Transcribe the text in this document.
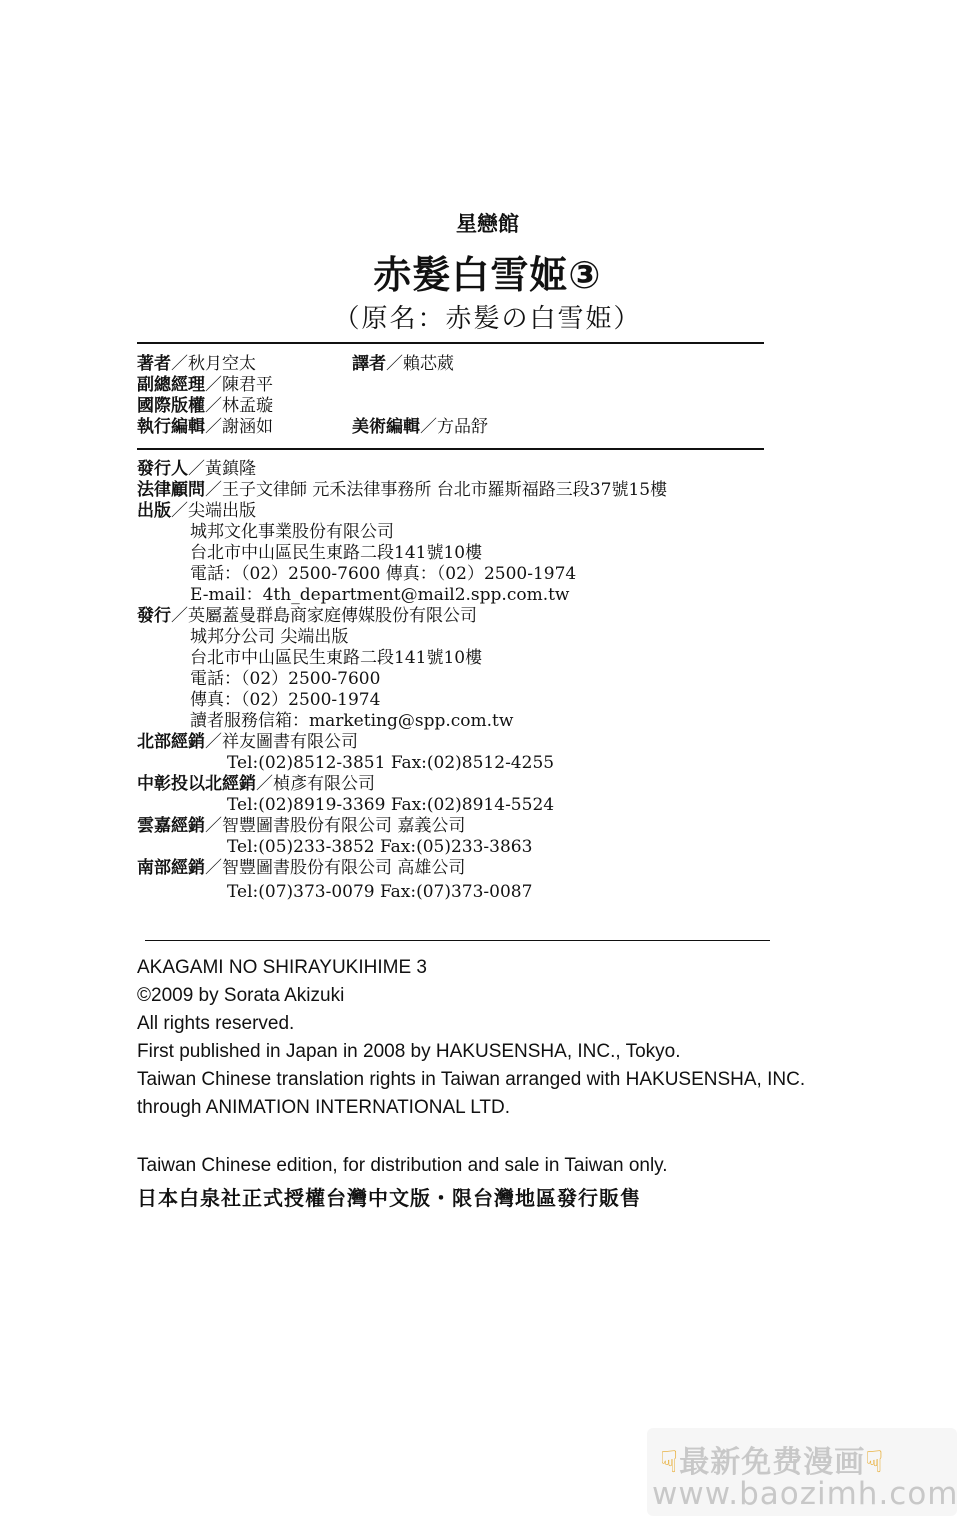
星戀館
赤髮白雪姬③
（原名：赤髪の白雪姫）
著者／秋月空太	譯者／賴芯葳
副總經理／陳君平
國際版權／林孟璇
執行編輯／謝涵如	美術編輯／方品舒
發行人／黃鎮隆
法律顧問／王子文律師 元禾法律事務所 台北市羅斯福路三段37號15樓
出版／尖端出版
城邦文化事業股份有限公司
台北市中山區民生東路二段141號10樓
電話：（02）2500-7600 傳真：（02）2500-1974
E-mail：4th_department@mail2.spp.com.tw
發行／英屬蓋曼群島商家庭傳媒股份有限公司
城邦分公司 尖端出版
台北市中山區民生東路二段141號10樓
電話：（02）2500-7600
傳真：（02）2500-1974
讀者服務信箱：marketing@spp.com.tw
北部經銷／祥友圖書有限公司
Tel:(02)8512-3851 Fax:(02)8512-4255
中彰投以北經銷／楨彥有限公司
Tel:(02)8919-3369 Fax:(02)8914-5524
雲嘉經銷／智豐圖書股份有限公司 嘉義公司
Tel:(05)233-3852 Fax:(05)233-3863
南部經銷／智豐圖書股份有限公司 高雄公司
Tel:(07)373-0079 Fax:(07)373-0087
AKAGAMI NO SHIRAYUKIHIME 3
©2009 by Sorata Akizuki
All rights reserved.
First published in Japan in 2008 by HAKUSENSHA, INC., Tokyo.
Taiwan Chinese translation rights in Taiwan arranged with HAKUSENSHA, INC.
through ANIMATION INTERNATIONAL LTD.
Taiwan Chinese edition, for distribution and sale in Taiwan only.
日本白泉社正式授權台灣中文版・限台灣地區發行販售
☟最新免费漫画☟
www.baozimh.com
